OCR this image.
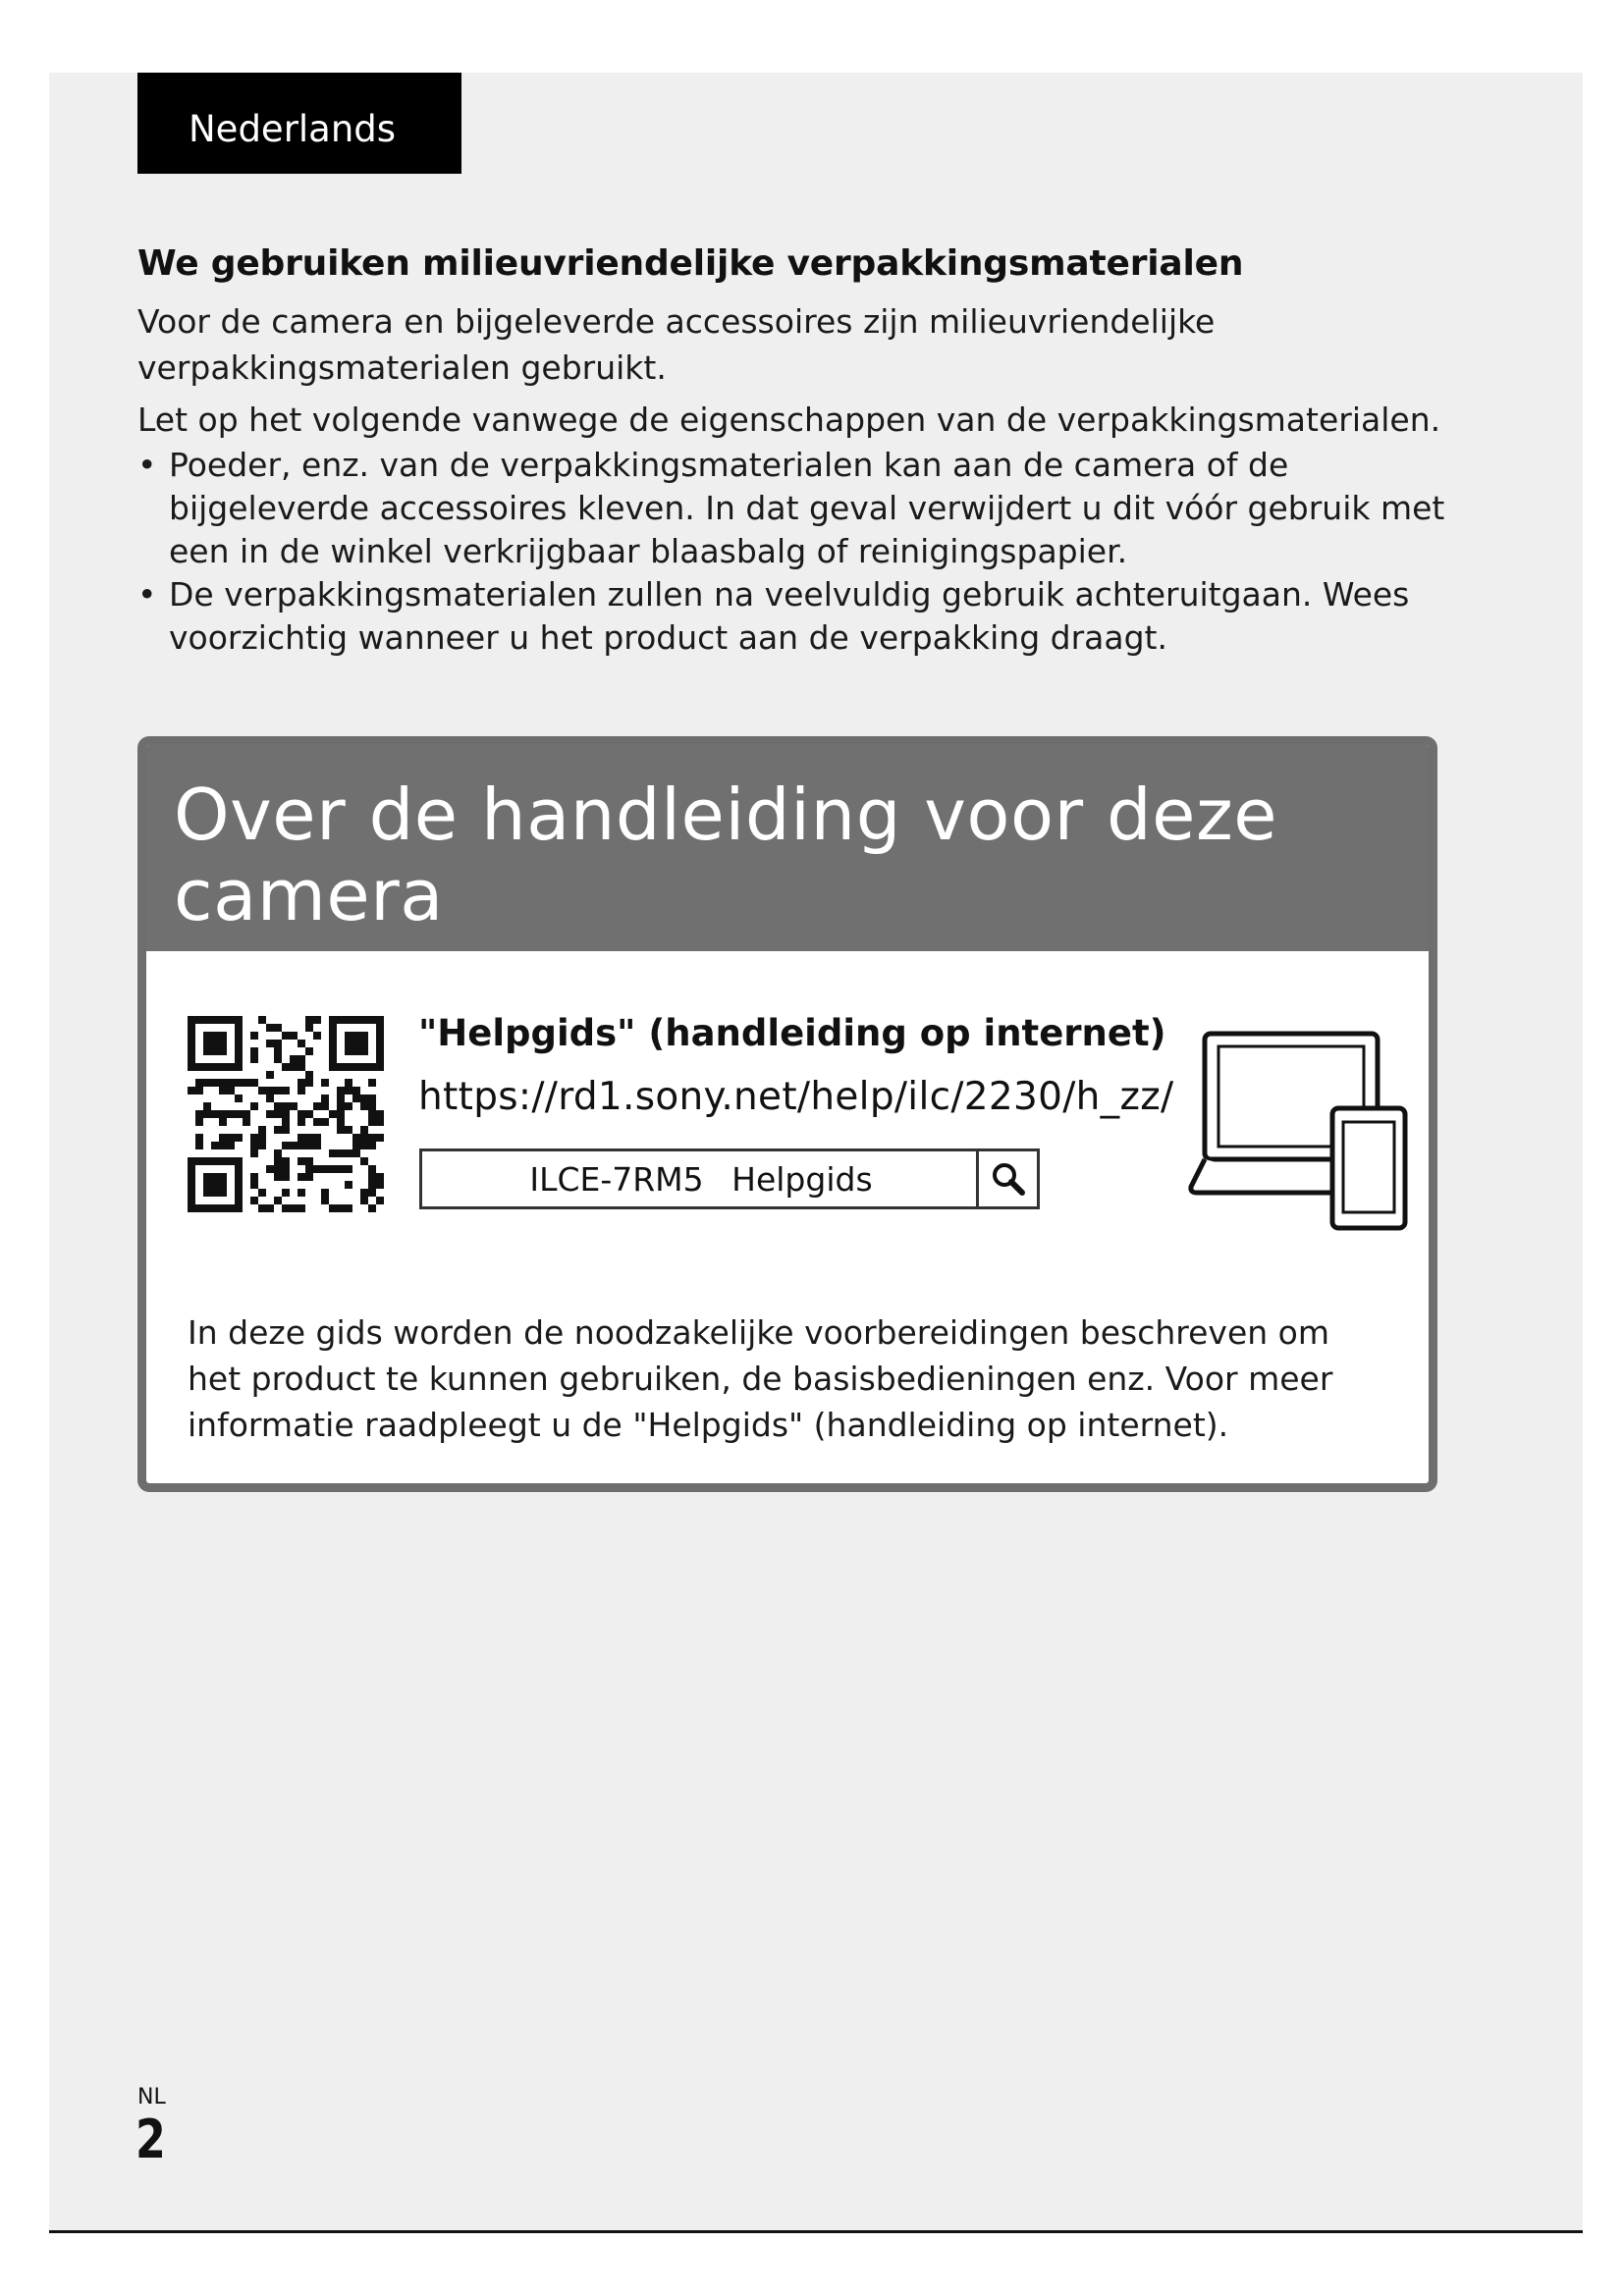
Nederlands
We gebruiken milieuvriendelijke verpakkingsmaterialen

Voor de camera en bijgeleverde accessoires zijn milieuvriendelijke verpakkingsmaterialen gebruikt.

Let op het volgende vanwege de eigenschappen van de verpakkingsmaterialen.

• Poeder, enz. van de verpakkingsmaterialen kan aan de camera of de bijgeleverde accessoires kleven. In dat geval verwijdert u dit vóór gebruik met een in de winkel verkrijgbaar blaasbalg of reinigingspapier.
• De verpakkingsmaterialen zullen na veelvuldig gebruik achteruitgaan. Wees voorzichtig wanneer u het product aan de verpakking draagt.
Over de handleiding voor deze camera
"Helpgids" (handleiding op internet)
https://rd1.sony.net/help/ilc/2230/h_zz/
ILCE-7RM5 Helpgids

In deze gids worden de noodzakelijke voorbereidingen beschreven om het product te kunnen gebruiken, de basisbedieningen enz. Voor meer informatie raadpleegt u de "Helpgids" (handleiding op internet).

NL
2
